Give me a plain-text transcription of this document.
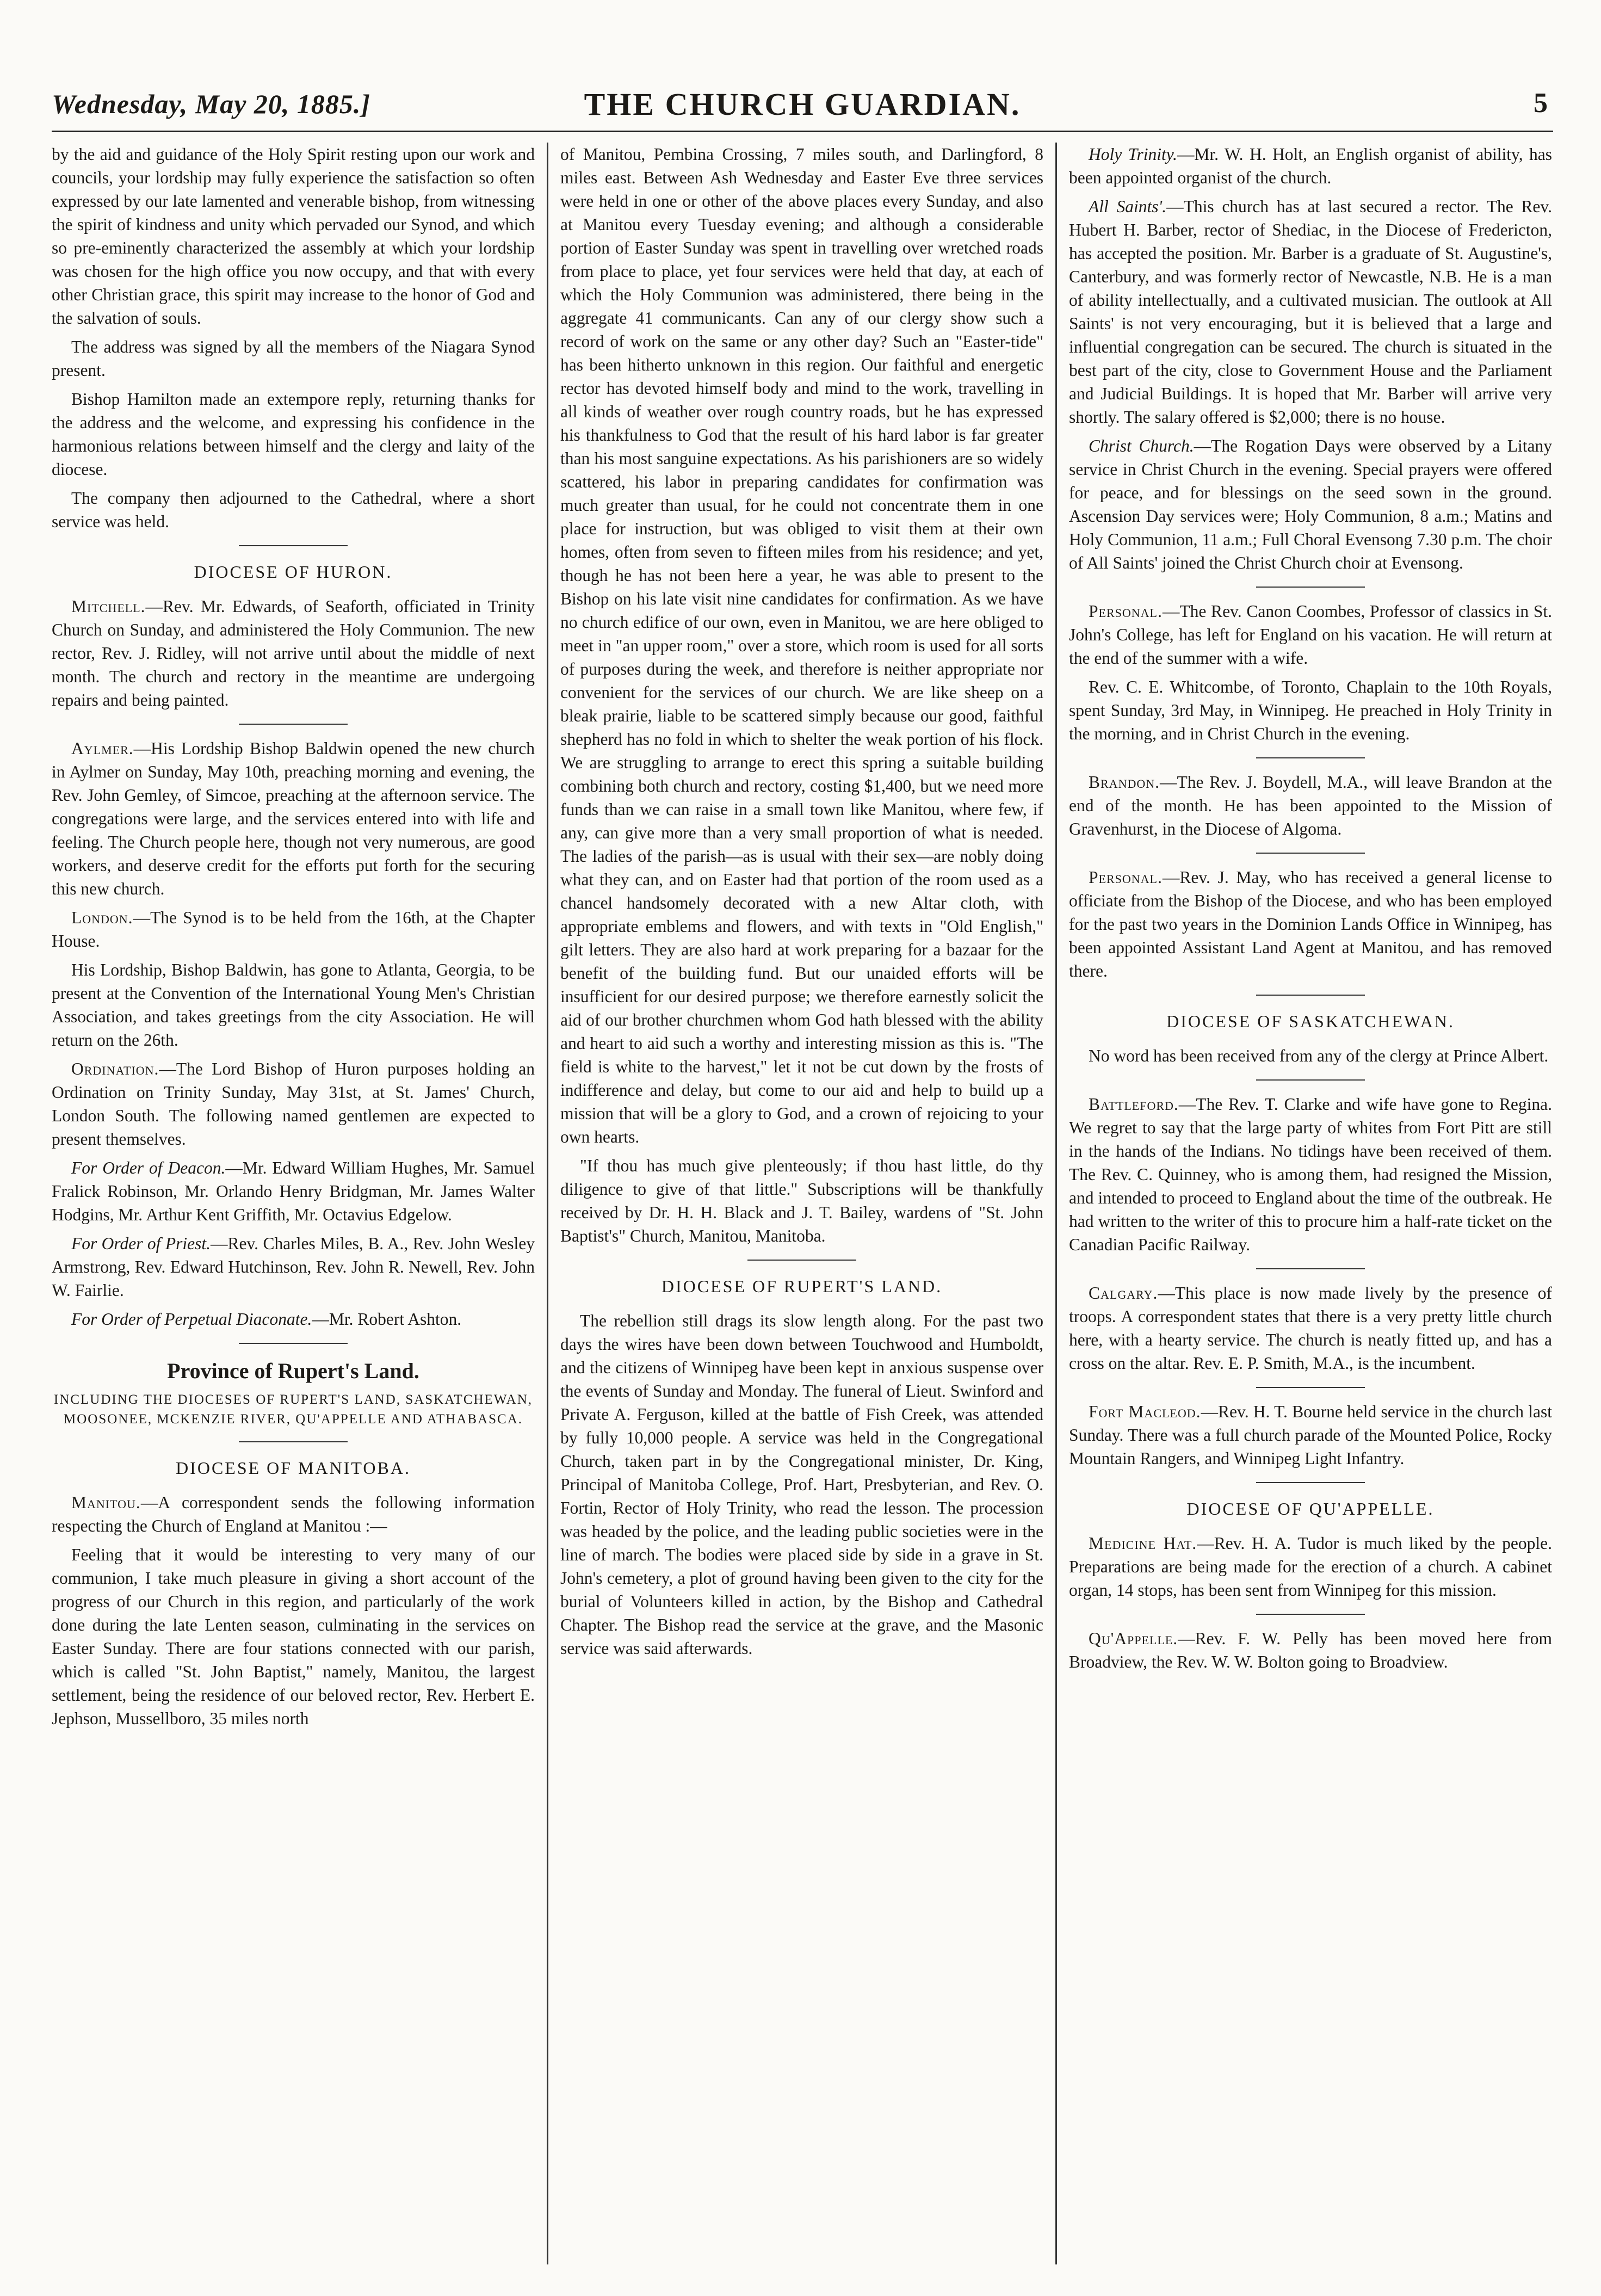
Wednesday, May 20, 1885.]	THE CHURCH GUARDIAN.	5

by the aid and guidance of the Holy Spirit resting upon our work and councils, your lordship may fully experience the satisfaction so often expressed by our late lamented and venerable bishop, from witnessing the spirit of kindness and unity which pervaded our Synod, and which so pre-eminently characterized the assembly at which your lordship was chosen for the high office you now occupy, and that with every other Christian grace, this spirit may increase to the honor of God and the salvation of souls.

The address was signed by all the members of the Niagara Synod present.

Bishop Hamilton made an extempore reply, returning thanks for the address and the welcome, and expressing his confidence in the harmonious relations between himself and the clergy and laity of the diocese.

The company then adjourned to the Cathedral, where a short service was held.

DIOCESE OF HURON.

Mitchell.—Rev. Mr. Edwards, of Seaforth, officiated in Trinity Church on Sunday, and administered the Holy Communion. The new rector, Rev. J. Ridley, will not arrive until about the middle of next month. The church and rectory in the meantime are undergoing repairs and being painted.

Aylmer.—His Lordship Bishop Baldwin opened the new church in Aylmer on Sunday, May 10th, preaching morning and evening, the Rev. John Gemley, of Simcoe, preaching at the afternoon service. The congregations were large, and the services entered into with life and feeling. The Church people here, though not very numerous, are good workers, and deserve credit for the efforts put forth for the securing this new church.

London.—The Synod is to be held from the 16th, at the Chapter House.

His Lordship, Bishop Baldwin, has gone to Atlanta, Georgia, to be present at the Convention of the International Young Men's Christian Association, and takes greetings from the city Association. He will return on the 26th.

Ordination.—The Lord Bishop of Huron purposes holding an Ordination on Trinity Sunday, May 31st, at St. James' Church, London South. The following named gentlemen are expected to present themselves.

For Order of Deacon.—Mr. Edward William Hughes, Mr. Samuel Fralick Robinson, Mr. Orlando Henry Bridgman, Mr. James Walter Hodgins, Mr. Arthur Kent Griffith, Mr. Octavius Edgelow.

For Order of Priest.—Rev. Charles Miles, B. A., Rev. John Wesley Armstrong, Rev. Edward Hutchinson, Rev. John R. Newell, Rev. John W. Fairlie.

For Order of Perpetual Diaconate.—Mr. Robert Ashton.

Province of Rupert's Land.

INCLUDING THE DIOCESES OF RUPERT'S LAND, SASKATCHEWAN, MOOSONEE, MCKENZIE RIVER, QU'APPELLE AND ATHABASCA.

DIOCESE OF MANITOBA.

Manitou.—A correspondent sends the following information respecting the Church of England at Manitou :—

Feeling that it would be interesting to very many of our communion, I take much pleasure in giving a short account of the progress of our Church in this region, and particularly of the work done during the late Lenten season, culminating in the services on Easter Sunday. There are four stations connected with our parish, which is called "St. John Baptist," namely, Manitou, the largest settlement, being the residence of our beloved rector, Rev. Herbert E. Jephson, Mussellboro, 35 miles north

of Manitou, Pembina Crossing, 7 miles south, and Darlingford, 8 miles east. Between Ash Wednesday and Easter Eve three services were held in one or other of the above places every Sunday, and also at Manitou every Tuesday evening; and although a considerable portion of Easter Sunday was spent in travelling over wretched roads from place to place, yet four services were held that day, at each of which the Holy Communion was administered, there being in the aggregate 41 communicants. Can any of our clergy show such a record of work on the same or any other day? Such an "Easter-tide" has been hitherto unknown in this region. Our faithful and energetic rector has devoted himself body and mind to the work, travelling in all kinds of weather over rough country roads, but he has expressed his thankfulness to God that the result of his hard labor is far greater than his most sanguine expectations. As his parishioners are so widely scattered, his labor in preparing candidates for confirmation was much greater than usual, for he could not concentrate them in one place for instruction, but was obliged to visit them at their own homes, often from seven to fifteen miles from his residence; and yet, though he has not been here a year, he was able to present to the Bishop on his late visit nine candidates for confirmation. As we have no church edifice of our own, even in Manitou, we are here obliged to meet in "an upper room," over a store, which room is used for all sorts of purposes during the week, and therefore is neither appropriate nor convenient for the services of our church. We are like sheep on a bleak prairie, liable to be scattered simply because our good, faithful shepherd has no fold in which to shelter the weak portion of his flock. We are struggling to arrange to erect this spring a suitable building combining both church and rectory, costing $1,400, but we need more funds than we can raise in a small town like Manitou, where few, if any, can give more than a very small proportion of what is needed. The ladies of the parish—as is usual with their sex—are nobly doing what they can, and on Easter had that portion of the room used as a chancel handsomely decorated with a new Altar cloth, with appropriate emblems and flowers, and with texts in "Old English," gilt letters. They are also hard at work preparing for a bazaar for the benefit of the building fund. But our unaided efforts will be insufficient for our desired purpose; we therefore earnestly solicit the aid of our brother churchmen whom God hath blessed with the ability and heart to aid such a worthy and interesting mission as this is. "The field is white to the harvest," let it not be cut down by the frosts of indifference and delay, but come to our aid and help to build up a mission that will be a glory to God, and a crown of rejoicing to your own hearts.

"If thou has much give plenteously; if thou hast little, do thy diligence to give of that little." Subscriptions will be thankfully received by Dr. H. H. Black and J. T. Bailey, wardens of "St. John Baptist's" Church, Manitou, Manitoba.

DIOCESE OF RUPERT'S LAND.

The rebellion still drags its slow length along. For the past two days the wires have been down between Touchwood and Humboldt, and the citizens of Winnipeg have been kept in anxious suspense over the events of Sunday and Monday. The funeral of Lieut. Swinford and Private A. Ferguson, killed at the battle of Fish Creek, was attended by fully 10,000 people. A service was held in the Congregational Church, taken part in by the Congregational minister, Dr. King, Principal of Manitoba College, Prof. Hart, Presbyterian, and Rev. O. Fortin, Rector of Holy Trinity, who read the lesson. The procession was headed by the police, and the leading public societies were in the line of march. The bodies were placed side by side in a grave in St. John's cemetery, a plot of ground having been given to the city for the burial of Volunteers killed in action, by the Bishop and Cathedral Chapter. The Bishop read the service at the grave, and the Masonic service was said afterwards.

Holy Trinity.—Mr. W. H. Holt, an English organist of ability, has been appointed organist of the church.

All Saints'.—This church has at last secured a rector. The Rev. Hubert H. Barber, rector of Shediac, in the Diocese of Fredericton, has accepted the position. Mr. Barber is a graduate of St. Augustine's, Canterbury, and was formerly rector of Newcastle, N.B. He is a man of ability intellectually, and a cultivated musician. The outlook at All Saints' is not very encouraging, but it is believed that a large and influential congregation can be secured. The church is situated in the best part of the city, close to Government House and the Parliament and Judicial Buildings. It is hoped that Mr. Barber will arrive very shortly. The salary offered is $2,000; there is no house.

Christ Church.—The Rogation Days were observed by a Litany service in Christ Church in the evening. Special prayers were offered for peace, and for blessings on the seed sown in the ground. Ascension Day services were; Holy Communion, 8 a.m.; Matins and Holy Communion, 11 a.m.; Full Choral Evensong 7.30 p.m. The choir of All Saints' joined the Christ Church choir at Evensong.

Personal.—The Rev. Canon Coombes, Professor of classics in St. John's College, has left for England on his vacation. He will return at the end of the summer with a wife.

Rev. C. E. Whitcombe, of Toronto, Chaplain to the 10th Royals, spent Sunday, 3rd May, in Winnipeg. He preached in Holy Trinity in the morning, and in Christ Church in the evening.

Brandon.—The Rev. J. Boydell, M.A., will leave Brandon at the end of the month. He has been appointed to the Mission of Gravenhurst, in the Diocese of Algoma.

Personal.—Rev. J. May, who has received a general license to officiate from the Bishop of the Diocese, and who has been employed for the past two years in the Dominion Lands Office in Winnipeg, has been appointed Assistant Land Agent at Manitou, and has removed there.

DIOCESE OF SASKATCHEWAN.

No word has been received from any of the clergy at Prince Albert.

Battleford.—The Rev. T. Clarke and wife have gone to Regina. We regret to say that the large party of whites from Fort Pitt are still in the hands of the Indians. No tidings have been received of them. The Rev. C. Quinney, who is among them, had resigned the Mission, and intended to proceed to England about the time of the outbreak. He had written to the writer of this to procure him a half-rate ticket on the Canadian Pacific Railway.

Calgary.—This place is now made lively by the presence of troops. A correspondent states that there is a very pretty little church here, with a hearty service. The church is neatly fitted up, and has a cross on the altar. Rev. E. P. Smith, M.A., is the incumbent.

Fort Macleod.—Rev. H. T. Bourne held service in the church last Sunday. There was a full church parade of the Mounted Police, Rocky Mountain Rangers, and Winnipeg Light Infantry.

DIOCESE OF QU'APPELLE.

Medicine Hat.—Rev. H. A. Tudor is much liked by the people. Preparations are being made for the erection of a church. A cabinet organ, 14 stops, has been sent from Winnipeg for this mission.

Qu'Appelle.—Rev. F. W. Pelly has been moved here from Broadview, the Rev. W. W. Bolton going to Broadview.
